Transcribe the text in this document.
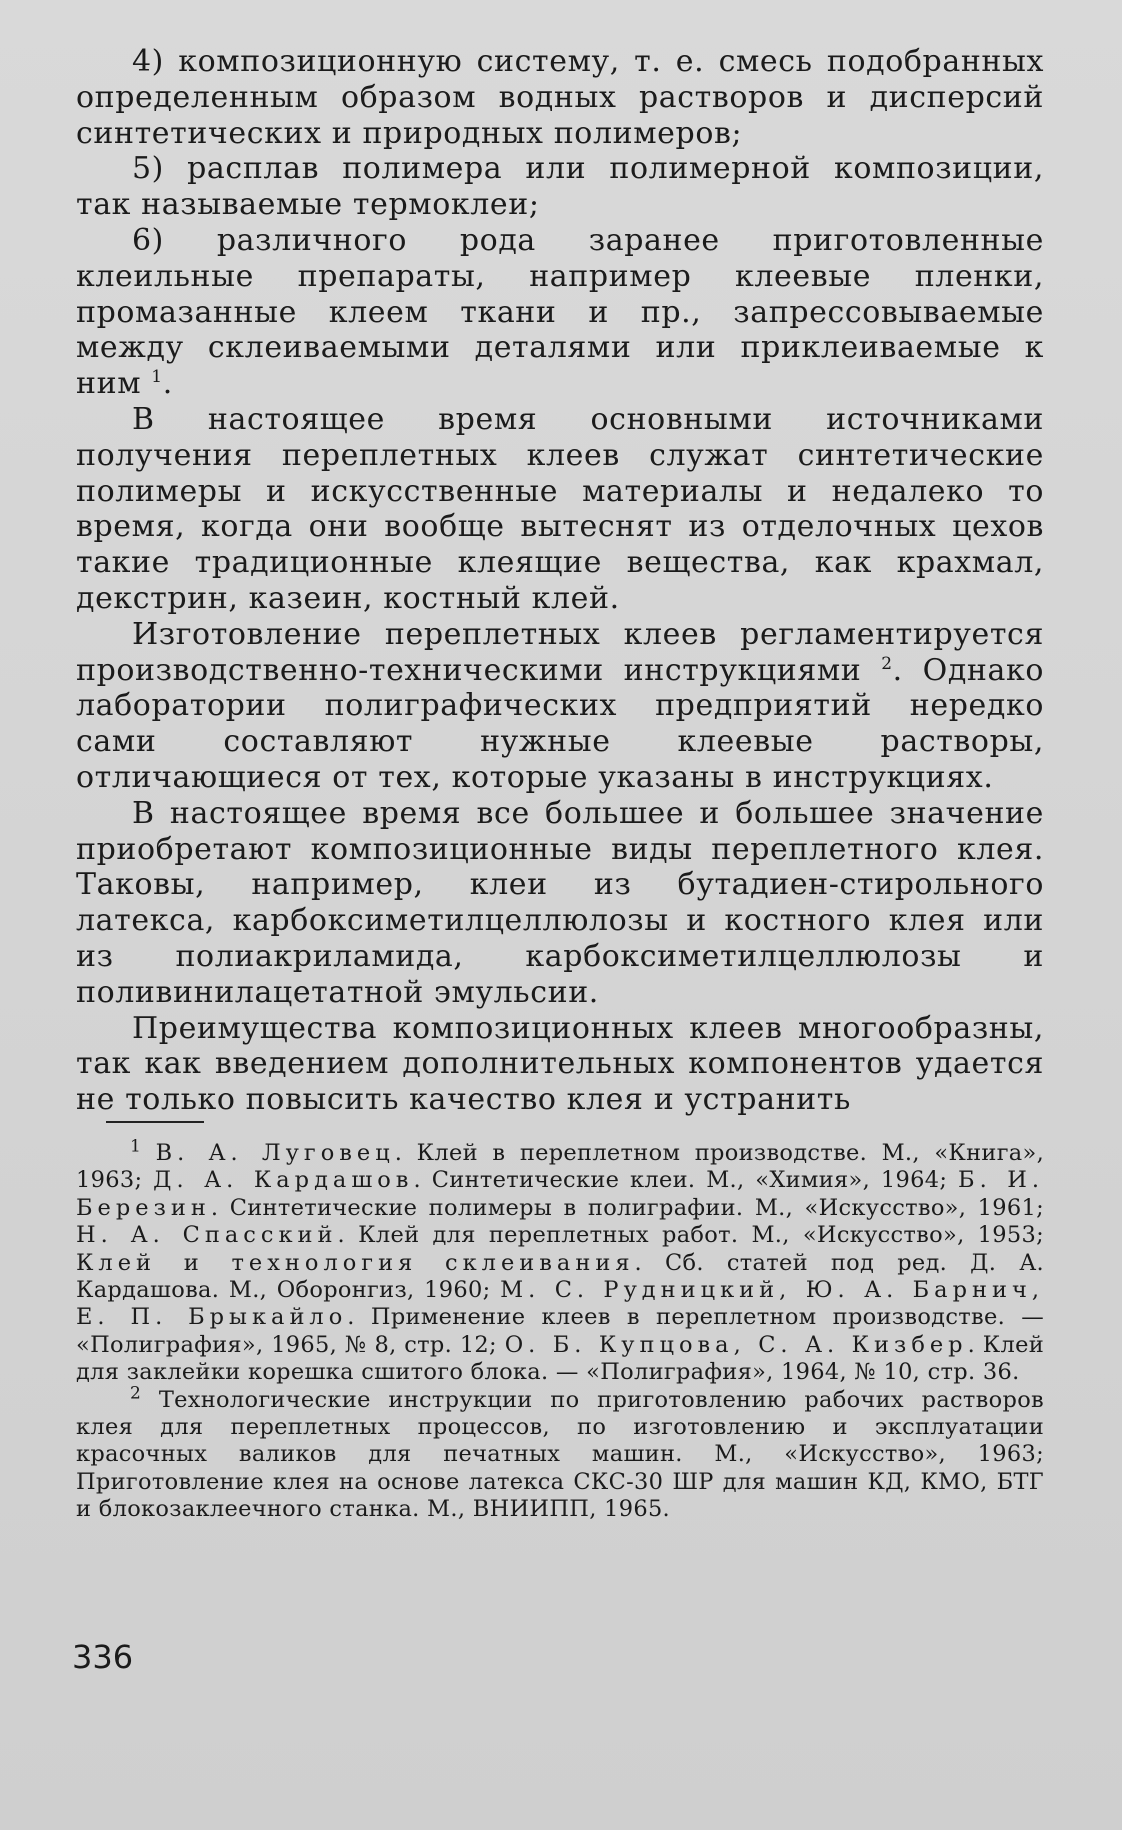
4) композиционную систему, т. е. смесь подобранных определенным образом водных растворов и дисперсий синтетических и природных полимеров;

5) расплав полимера или полимерной композиции, так называемые термоклеи;

6) различного рода заранее приготовленные клеильные препараты, например клеевые пленки, промазанные клеем ткани и пр., запрессовываемые между склеиваемыми деталями или приклеиваемые к ним $^1$.

В настоящее время основными источниками получения переплетных клеев служат синтетические полимеры и искусственные материалы и недалеко то время, когда они вообще вытеснят из отделочных цехов такие традиционные клеящие вещества, как крахмал, декстрин, казеин, костный клей.

Изготовление переплетных клеев регламентируется производственно-техническими инструкциями $^2$. Однако лаборатории полиграфических предприятий нередко сами составляют нужные клеевые растворы, отличающиеся от тех, которые указаны в инструкциях.

В настоящее время все большее и большее значение приобретают композиционные виды переплетного клея. Таковы, например, клеи из бутадиен-стирольного латекса, карбоксиметилцеллюлозы и костного клея или из полиакриламида, карбоксиметилцеллюлозы и поливинилацетатной эмульсии.

Преимущества композиционных клеев многообразны, так как введением дополнительных компонентов удается не только повысить качество клея и устранить

$^1$ В. А. Луговец. Клей в переплетном производстве. М., «Книга», 1963; Д. А. Кардашов. Синтетические клеи. М., «Химия», 1964; Б. И. Березин. Синтетические полимеры в полиграфии. М., «Искусство», 1961; Н. А. Спасский. Клей для переплетных работ. М., «Искусство», 1953; Клей и технология склеивания. Сб. статей под ред. Д. А. Кардашова. М., Оборонгиз, 1960; М. С. Рудницкий, Ю. А. Барнич, Е. П. Брыкайло. Применение клеев в переплетном производстве. — «Полиграфия», 1965, № 8, стр. 12; О. Б. Купцова, С. А. Кизбер. Клей для заклейки корешка сшитого блока. — «Полиграфия», 1964, № 10, стр. 36.

$^2$ Технологические инструкции по приготовлению рабочих растворов клея для переплетных процессов, по изготовлению и эксплуатации красочных валиков для печатных машин. М., «Искусство», 1963; Приготовление клея на основе латекса СКС-30 ШР для машин КД, КМО, БТГ и блокозаклеечного станка. М., ВНИИПП, 1965.

336
